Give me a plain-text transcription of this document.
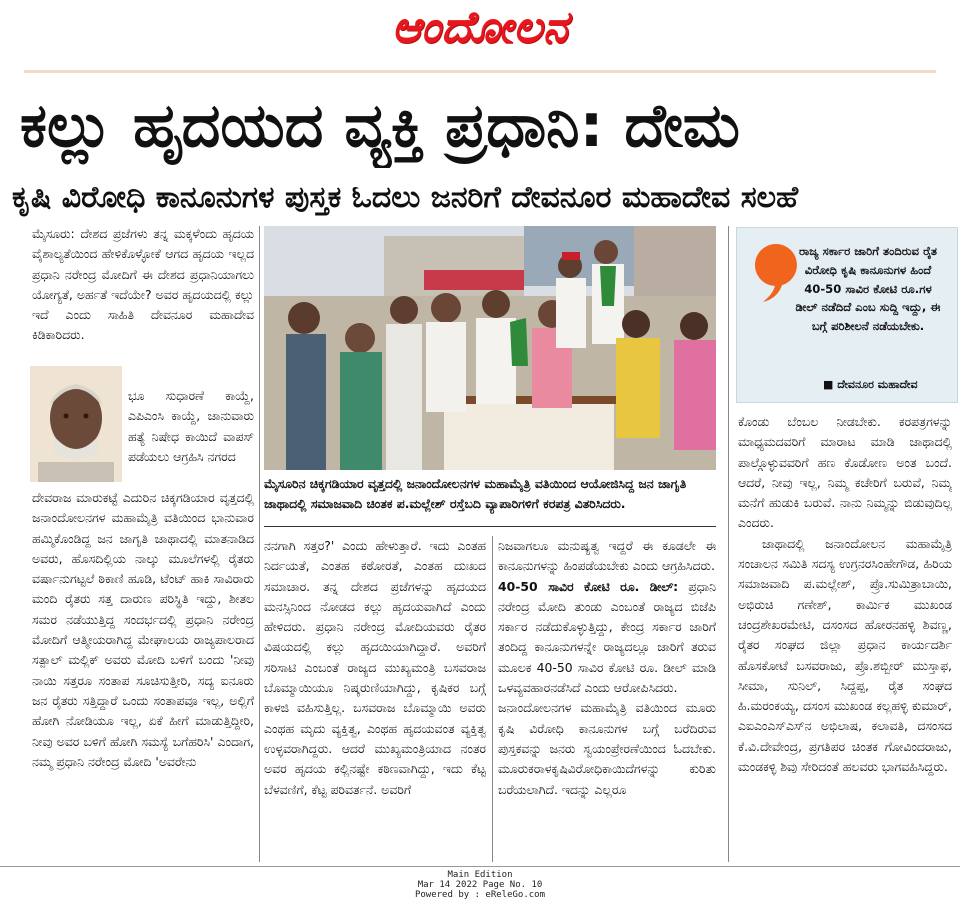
ಆಂದೋಲನ
ಕಲ್ಲು ಹೃದಯದ ವ್ಯಕ್ತಿ ಪ್ರಧಾನಿ: ದೇಮ
ಕೃಷಿ ವಿರೋಧಿ ಕಾನೂನುಗಳ ಪುಸ್ತಕ ಓದಲು ಜನರಿಗೆ ದೇವನೂರ ಮಹಾದೇವ ಸಲಹೆ

ಮೈಸೂರು: ದೇಶದ ಪ್ರಜೆಗಳು ತನ್ನ ಮಕ್ಕಳೆಂದು ಹೃದಯ ವೈಶಾಲ್ಯತೆಯಿಂದ ಹೇಳಿಕೊಳ್ಳೋಕೆ ಆಗದ ಹೃದಯ ಇಲ್ಲದ ಪ್ರಧಾನಿ ನರೇಂದ್ರ ಮೋದಿಗೆ ಈ ದೇಶದ ಪ್ರಧಾನಿಯಾಗಲು ಯೋಗ್ಯತೆ, ಅರ್ಹತೆ ಇದೆಯೇ? ಅವರ ಹೃದಯದಲ್ಲಿ ಕಲ್ಲು ಇದೆ ಎಂದು ಸಾಹಿತಿ ದೇವನೂರ ಮಹಾದೇವ ಕಿಡಿಕಾರಿದರು.

ಭೂ ಸುಧಾರಣೆ ಕಾಯ್ದೆ, ಎಪಿಎಂಸಿ ಕಾಯ್ದೆ, ಜಾನುವಾರು ಹತ್ಯೆ ನಿಷೇಧ ಕಾಯಿದೆ ವಾಪಸ್ ಪಡೆಯಲು ಆಗ್ರಹಿಸಿ ನಗರದ

ದೇವರಾಜ ಮಾರುಕಟ್ಟೆ ಎದುರಿನ ಚಿಕ್ಕಗಡಿಯಾರ ವೃತ್ತದಲ್ಲಿ ಜನಾಂದೋಲನಗಳ ಮಹಾಮೈತ್ರಿ ವತಿಯಿಂದ ಭಾನುವಾರ ಹಮ್ಮಿಕೊಂಡಿದ್ದ ಜನ ಜಾಗೃತಿ ಜಾಥಾದಲ್ಲಿ ಮಾತನಾಡಿದ ಅವರು, ಹೊಸದಿಲ್ಲಿಯ ನಾಲ್ಕು ಮೂಲೆಗಳಲ್ಲಿ ರೈತರು ವರ್ಷಾನುಗಟ್ಟಲೆ ಠಿಕಾಣಿ ಹೂಡಿ, ಟೆಂಟ್ ಹಾಕಿ ಸಾವಿರಾರು ಮಂದಿ ರೈತರು ಸತ್ತ ದಾರುಣ ಪರಿಸ್ಥಿತಿ ಇದ್ದು, ಶೀತಲ ಸಮರ ನಡೆಯುತ್ತಿದ್ದ ಸಂದರ್ಭದಲ್ಲಿ ಪ್ರಧಾನಿ ನರೇಂದ್ರ ಮೋದಿಗೆ ಆತ್ಮೀಯರಾಗಿದ್ದ ಮೇಘಾಲಯ ರಾಜ್ಯಪಾಲರಾದ ಸತ್ಪಾಲ್ ಮಲ್ಲಿಕ್ ಅವರು ಮೋದಿ ಬಳಿಗೆ ಬಂದು 'ನೀವು ನಾಯಿ ಸತ್ತರೂ ಸಂತಾಪ ಸೂಚಿಸುತ್ತೀರಿ, ಸದ್ಯ ಐನೂರು ಜನ ರೈತರು ಸತ್ತಿದ್ದಾರೆ ಒಂದು ಸಂತಾಪವೂ ಇಲ್ಲ, ಅಲ್ಲಿಗೆ ಹೋಗಿ ನೋಡಿಯೂ ಇಲ್ಲ, ಏಕೆ ಹೀಗೆ ಮಾಡುತ್ತಿದ್ದೀರಿ, ನೀವು ಅವರ ಬಳಿಗೆ ಹೋಗಿ ಸಮಸ್ಯೆ ಬಗೆಹರಿಸಿ' ಎಂದಾಗ, ನಮ್ಮ ಪ್ರಧಾನಿ ನರೇಂದ್ರ ಮೋದಿ 'ಅವರೇನು

ಮೈಸೂರಿನ ಚಿಕ್ಕಗಡಿಯಾರ ವೃತ್ತದಲ್ಲಿ ಜನಾಂದೋಲನಗಳ ಮಹಾಮೈತ್ರಿ ವತಿಯಿಂದ ಆಯೋಜಿಸಿದ್ದ ಜನ ಜಾಗೃತಿ ಜಾಥಾದಲ್ಲಿ ಸಮಾಜವಾದಿ ಚಿಂತಕ ಪ.ಮಲ್ಲೇಶ್ ರಸ್ತೆಬದಿ ವ್ಯಾಪಾರಿಗಳಿಗೆ ಕರಪತ್ರ ವಿತರಿಸಿದರು.

ನನಗಾಗಿ ಸತ್ತರ?' ಎಂದು ಹೇಳುತ್ತಾರೆ. ಇದು ಎಂತಹ ನಿರ್ದಯತೆ, ಎಂತಹ ಕಠೋರತೆ, ಎಂತಹ ದುಃಖದ ಸಮಾಚಾರ. ತನ್ನ ದೇಶದ ಪ್ರಜೆಗಳನ್ನು ಹೃದಯದ ಮನಸ್ಸಿನಿಂದ ನೋಡದ ಕಲ್ಲು ಹೃದಯವಾಗಿದೆ ಎಂದು ಹೇಳಿದರು. ಪ್ರಧಾನಿ ನರೇಂದ್ರ ಮೋದಿಯವರು ರೈತರ ವಿಷಯದಲ್ಲಿ ಕಲ್ಲು ಹೃದಯಿಯಾಗಿದ್ದಾರೆ. ಅವರಿಗೆ ಸರಿಸಾಟಿ ಎಂಬಂತೆ ರಾಜ್ಯದ ಮುಖ್ಯಮಂತ್ರಿ ಬಸವರಾಜ ಬೊಮ್ಮಾಯಿಯೂ ನಿಷ್ಕರುಣಿಯಾಗಿದ್ದು, ಕೃಷಿಕರ ಬಗ್ಗೆ ಕಾಳಜಿ ವಹಿಸುತ್ತಿಲ್ಲ. ಬಸವರಾಜ ಬೊಮ್ಮಾಯಿ ಅವರು ಎಂಥಹ ಮೃದು ವ್ಯಕ್ತಿತ್ವ, ಎಂಥಹ ಹೃದಯವಂತ ವ್ಯಕ್ತಿತ್ವ ಉಳ್ಳವರಾಗಿದ್ದರು. ಆದರೆ ಮುಖ್ಯಮಂತ್ರಿಯಾದ ನಂತರ ಅವರ ಹೃದಯ ಕಲ್ಲಿನಷ್ಟೇ ಕಠಿಣವಾಗಿದ್ದು, ಇದು ಕೆಟ್ಟ ಬೆಳವಣಿಗೆ, ಕೆಟ್ಟ ಪರಿವರ್ತನೆ. ಅವರಿಗೆ

ನಿಜವಾಗಲೂ ಮನುಷ್ಯತ್ವ ಇದ್ದರೆ ಈ ಕೂಡಲೇ ಈ ಕಾನೂನುಗಳನ್ನು ಹಿಂಪಡೆಯಬೇಕು ಎಂದು ಆಗ್ರಹಿಸಿದರು.

40-50 ಸಾವಿರ ಕೋಟಿ ರೂ. ಡೀಲ್: ಪ್ರಧಾನಿ ನರೇಂದ್ರ ಮೋದಿ ತುಂಡು ಎಂಬಂತೆ ರಾಜ್ಯದ ಬಿಜೆಪಿ ಸರ್ಕಾರ ನಡೆದುಕೊಳ್ಳುತ್ತಿದ್ದು, ಕೇಂದ್ರ ಸರ್ಕಾರ ಜಾರಿಗೆ ತಂದಿದ್ದ ಕಾನೂನುಗಳನ್ನೇ ರಾಜ್ಯದಲ್ಲೂ ಜಾರಿಗೆ ತರುವ ಮೂಲಕ 40-50 ಸಾವಿರ ಕೋಟಿ ರೂ. ಡೀಲ್ ಮಾಡಿ ಒಳವ್ಯವಹಾರನಡೆಸಿದೆ ಎಂದು ಆರೋಪಿಸಿದರು.

ಜನಾಂದೋಲನಗಳ ಮಹಾಮೈತ್ರಿ ವತಿಯಿಂದ ಮೂರು ಕೃಷಿ ವಿರೋಧಿ ಕಾನೂನುಗಳ ಬಗ್ಗೆ ಬರೆದಿರುವ ಪುಸ್ತಕವನ್ನು ಜನರು ಸ್ವಯಂಪ್ರೇರಣೆಯಿಂದ ಓದಬೇಕು. ಮೂರುಕರಾಳಕೃಷಿವಿರೋಧಿಕಾಯಿದೆಗಳನ್ನು ಕುರಿತು ಬರೆಯಲಾಗಿದೆ. ಇದನ್ನು ಎಲ್ಲರೂ

ರಾಜ್ಯ ಸರ್ಕಾರ ಜಾರಿಗೆ ತಂದಿರುವ ರೈತ ವಿರೋಧಿ ಕೃಷಿ ಕಾನೂನುಗಳ ಹಿಂದೆ 40-50 ಸಾವಿರ ಕೋಟಿ ರೂ.ಗಳ ಡೀಲ್ ನಡೆದಿದೆ ಎಂಬ ಸುದ್ದಿ ಇದ್ದು, ಈ ಬಗ್ಗೆ ಪರಿಶೀಲನೆ ನಡೆಯಬೇಕು.
■ ದೇವನೂರ ಮಹಾದೇವ

ಕೊಂಡು ಬೆಂಬಲ ನೀಡಬೇಕು. ಕರಪತ್ರಗಳನ್ನು ಮಾಧ್ಯಮದವರಿಗೆ ಮಾರಾಟ ಮಾಡಿ ಜಾಥಾದಲ್ಲಿ ಪಾಲ್ಗೊಳ್ಳುವವರಿಗೆ ಹಣ ಕೊಡೋಣ ಅಂತ ಬಂದೆ. ಆದರೆ, ನೀವು ಇಲ್ಲ, ನಿಮ್ಮ ಕಚೇರಿಗೆ ಬರುವೆ, ನಿಮ್ಮ ಮನೆಗೆ ಹುಡುಕಿ ಬರುವೆ. ನಾನು ನಿಮ್ಮನ್ನು ಬಿಡುವುದಿಲ್ಲ ಎಂದರು.

ಜಾಥಾದಲ್ಲಿ ಜನಾಂದೋಲನ ಮಹಾಮೈತ್ರಿ ಸಂಚಾಲನ ಸಮಿತಿ ಸದಸ್ಯ ಉಗ್ರನರಸಿಂಹೇಗೌಡ, ಹಿರಿಯ ಸಮಾಜವಾದಿ ಪ.ಮಲ್ಲೇಶ್, ಪ್ರೊ.ಸುಮಿತ್ರಾಬಾಯಿ, ಅಭಿರುಚಿ ಗಣೇಶ್, ಕಾರ್ಮಿಕ ಮುಖಂಡ ಚಂದ್ರಶೇಖರಮೇಟಿ, ದಸಂಸದ ಹೋರನಹಳ್ಳಿ ಶಿವಣ್ಣ, ರೈತರ ಸಂಘದ ಜಿಲ್ಲಾ ಪ್ರಧಾನ ಕಾರ್ಯದರ್ಶಿ ಹೊಸಕೋಟೆ ಬಸವರಾಜು, ಪ್ರೊ.ಶಬ್ಬೀರ್ ಮುಸ್ತಾಫ, ಸೀಮಾ, ಸುನಿಲ್, ಸಿದ್ದಪ್ಪ, ರೈತ ಸಂಘದ ಹಿ.ಮರಂಕಯ್ಯ, ದಸಂಸ ಮುಖಂಡ ಕಲ್ಲಹಳ್ಳಿ ಕುಮಾರ್, ಎಐಎಂಎಸ್‌ಎಸ್‌ನ ಅಭಿಲಾಷ, ಕಲಾವತಿ, ದಸಂಸದ ಕೆ.ವಿ.ದೇವೇಂದ್ರ, ಪ್ರಗತಿಪರ ಚಿಂತಕ ಗೋವಿಂದರಾಜು, ಮಂಡಕಳ್ಳಿ ಶಿವು ಸೇರಿದಂತೆ ಹಲವರು ಭಾಗವಹಿಸಿದ್ದರು.

Main Edition
Mar 14 2022 Page No. 10
Powered by : eReleGo.com
